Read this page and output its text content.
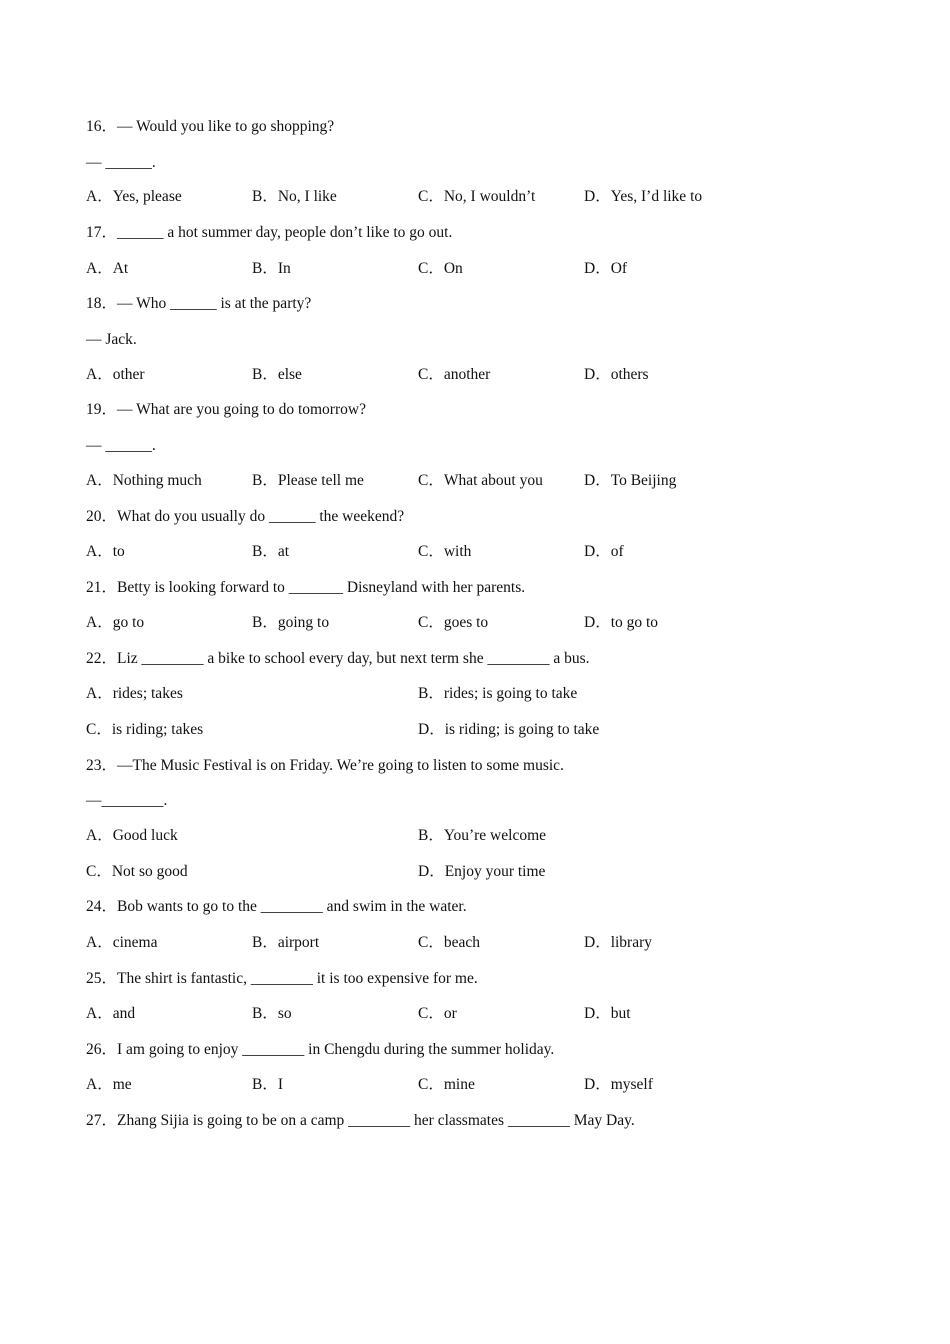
16．— Would you like to go shopping?
— ______.
A．Yes, please	B．No, I like	C．No, I wouldn’t	D．Yes, I’d like to
17．______ a hot summer day, people don’t like to go out.
A．At	B．In	C．On	D．Of
18．— Who ______ is at the party?
— Jack.
A．other	B．else	C．another	D．others
19．— What are you going to do tomorrow?
— ______.
A．Nothing much	B．Please tell me	C．What about you	D．To Beijing
20．What do you usually do ______ the weekend?
A．to	B．at	C．with	D．of
21．Betty is looking forward to _______ Disneyland with her parents.
A．go to	B．going to	C．goes to	D．to go to
22．Liz ________ a bike to school every day, but next term she ________ a bus.
A．rides; takes	B．rides; is going to take
C．is riding; takes	D．is riding; is going to take
23．—The Music Festival is on Friday. We’re going to listen to some music.
—________.
A．Good luck	B．You’re welcome
C．Not so good	D．Enjoy your time
24．Bob wants to go to the ________ and swim in the water.
A．cinema	B．airport	C．beach	D．library
25．The shirt is fantastic, ________ it is too expensive for me.
A．and	B．so	C．or	D．but
26．I am going to enjoy ________ in Chengdu during the summer holiday.
A．me	B．I	C．mine	D．myself
27．Zhang Sijia is going to be on a camp ________ her classmates ________ May Day.
